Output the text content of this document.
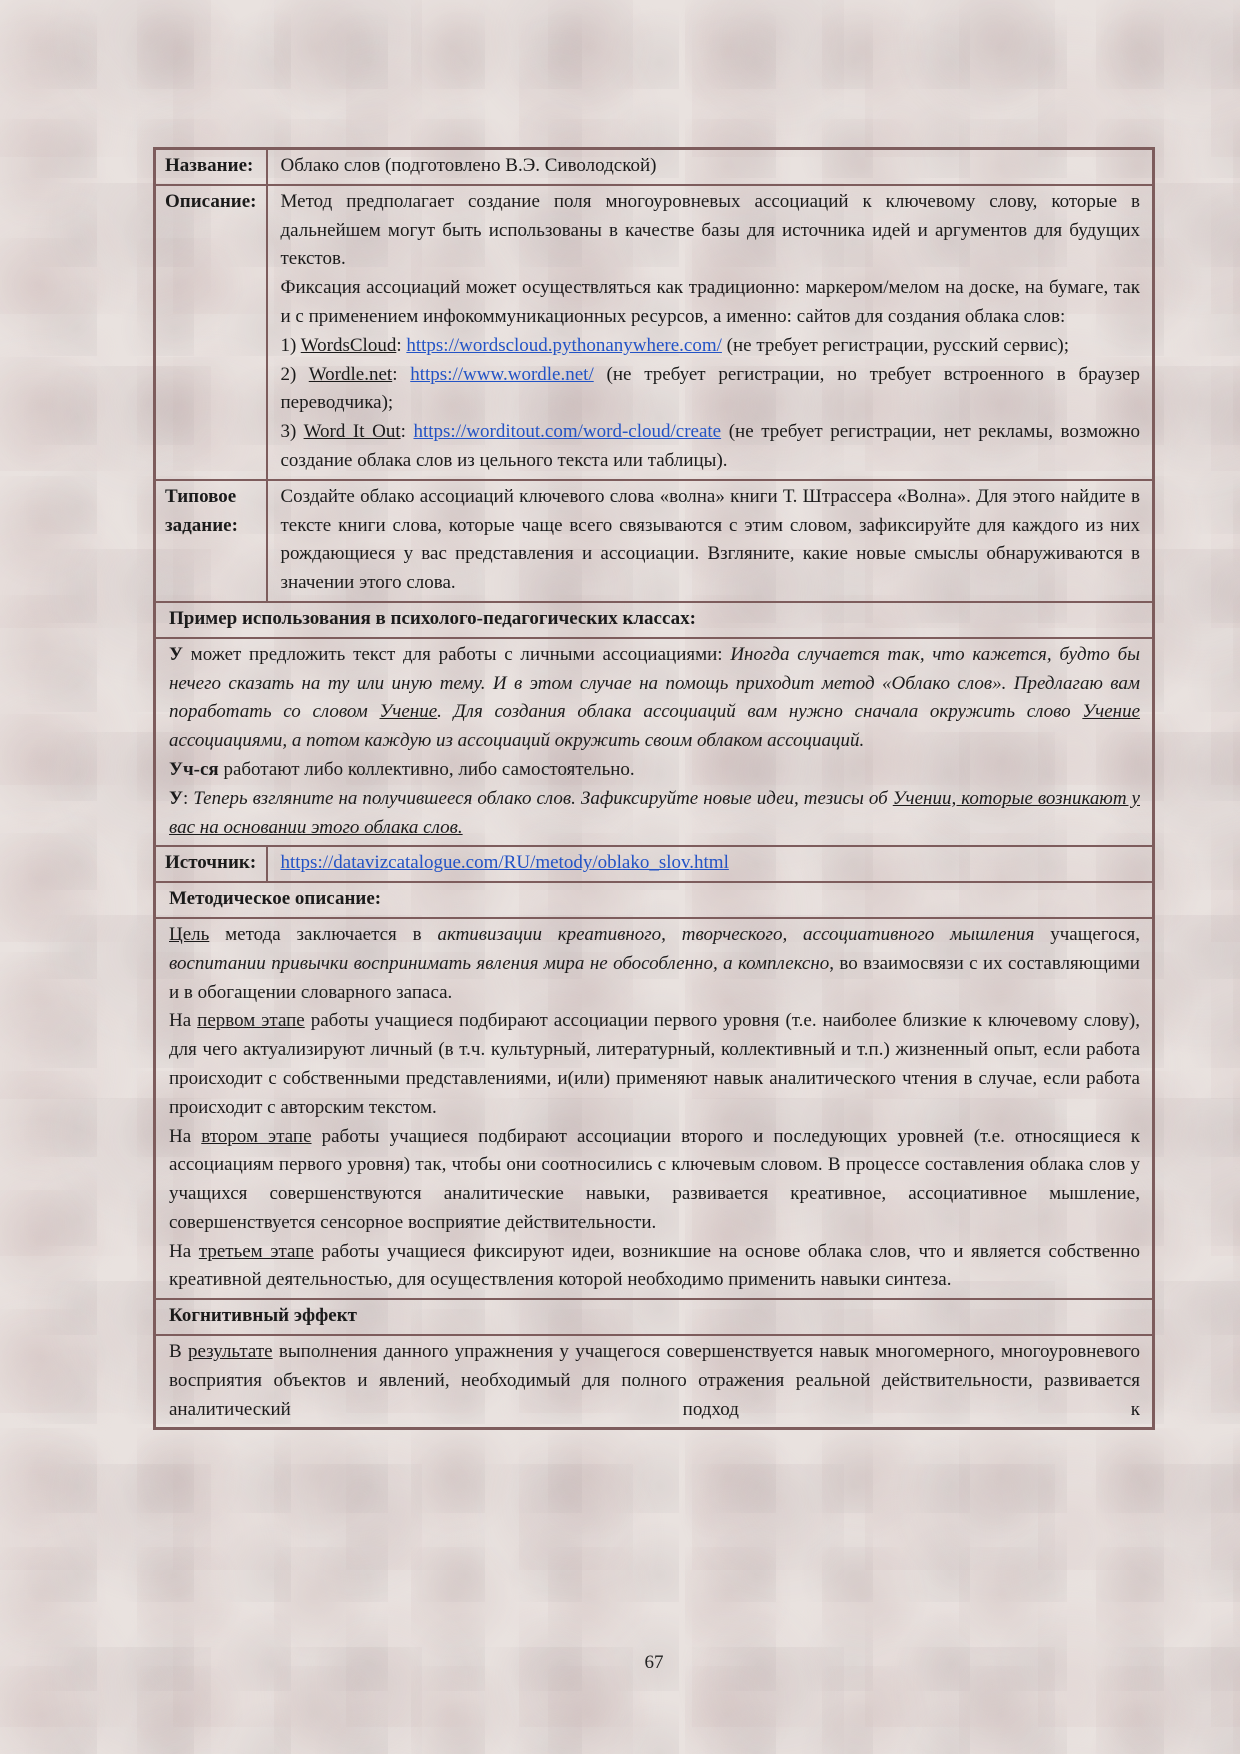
Название:	Облако слов (подготовлено В.Э. Сиволодской)
Описание:	Метод предполагает создание поля многоуровневых ассоциаций к ключевому слову, которые в дальнейшем могут быть использованы в качестве базы для источника идей и аргументов для будущих текстов.

Фиксация ассоциаций может осуществляться как традиционно: маркером/мелом на доске, на бумаге, так и с применением инфокоммуникационных ресурсов, а именно: сайтов для создания облака слов:

1) WordsCloud: https://wordscloud.pythonanywhere.com/ (не требует регистрации, русский сервис);

2) Wordle.net: https://www.wordle.net/ (не требует регистрации, но требует встроенного в браузер переводчика);

3) Word It Out: https://worditout.com/word-cloud/create (не требует регистрации, нет рекламы, возможно создание облака слов из цельного текста или таблицы).

Типовое задание:	Создайте облако ассоциаций ключевого слова «волна» книги Т. Штрассера «Волна». Для этого найдите в тексте книги слова, которые чаще всего связываются с этим словом, зафиксируйте для каждого из них рождающиеся у вас представления и ассоциации. Взгляните, какие новые смыслы обнаруживаются в значении этого слова.

Пример использования в психолого-педагогических классах:	

У может предложить текст для работы с личными ассоциациями: Иногда случается так, что кажется, будто бы нечего сказать на ту или иную тему. И в этом случае на помощь приходит метод «Облако слов». Предлагаю вам поработать со словом Учение. Для создания облака ассоциаций вам нужно сначала окружить слово Учение ассоциациями, а потом каждую из ассоциаций окружить своим облаком ассоциаций.

Уч-ся работают либо коллективно, либо самостоятельно.

У: Теперь взгляните на получившееся облако слов. Зафиксируйте новые идеи, тезисы об Учении, которые возникают у вас на основании этого облака слов.	

Источник:	https://datavizcatalogue.com/RU/metody/oblako_slov.html
Методическое описание:	

Цель метода заключается в активизации креативного, творческого, ассоциативного мышления учащегося, воспитании привычки воспринимать явления мира не обособленно, а комплексно, во взаимосвязи с их составляющими и в обогащении словарного запаса.

На первом этапе работы учащиеся подбирают ассоциации первого уровня (т.е. наиболее близкие к ключевому слову), для чего актуализируют личный (в т.ч. культурный, литературный, коллективный и т.п.) жизненный опыт, если работа происходит с собственными представлениями, и(или) применяют навык аналитического чтения в случае, если работа происходит с авторским текстом.

На втором этапе работы учащиеся подбирают ассоциации второго и последующих уровней (т.е. относящиеся к ассоциациям первого уровня) так, чтобы они соотносились с ключевым словом. В процессе составления облака слов у учащихся совершенствуются аналитические навыки, развивается креативное, ассоциативное мышление, совершенствуется сенсорное восприятие действительности.

На третьем этапе работы учащиеся фиксируют идеи, возникшие на основе облака слов, что и является собственно креативной деятельностью, для осуществления которой необходимо применить навыки синтеза.	

Когнитивный эффект	

В результате выполнения данного упражнения у учащегося совершенствуется навык многомерного, многоуровневого восприятия объектов и явлений, необходимый для полного отражения реальной действительности, развивается аналитический подход к	

67
